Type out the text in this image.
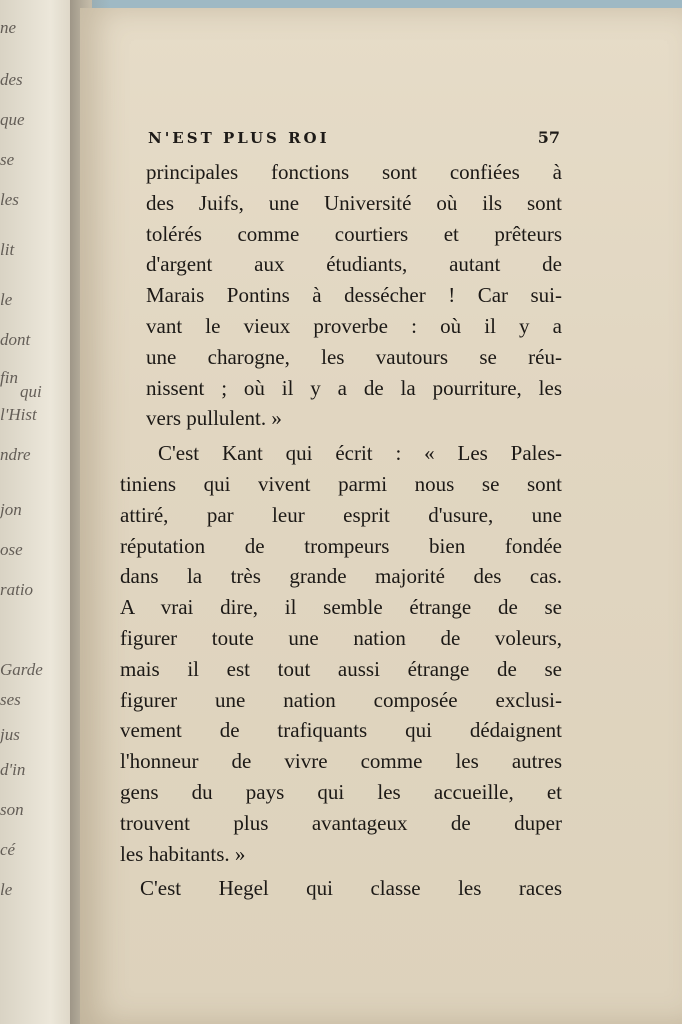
ne
des
que
se
les
lit
le
dont
fin
qui
l'Hist
ndre
jon
ose
ratio
Garde
ses
jus
d'in
son
cé
le
N'EST PLUS ROI	57
principales fonctions sont confiées à
des Juifs, une Université où ils sont
tolérés comme courtiers et prêteurs
d'argent aux étudiants, autant de
Marais Pontins à dessécher ! Car sui-
vant le vieux proverbe : où il y a
une charogne, les vautours se réu-
nissent ; où il y a de la pourriture, les
vers pullulent. »
C'est Kant qui écrit : « Les Pales-
tiniens qui vivent parmi nous se sont
attiré, par leur esprit d'usure, une
réputation de trompeurs bien fondée
dans la très grande majorité des cas.
A vrai dire, il semble étrange de se
figurer toute une nation de voleurs,
mais il est tout aussi étrange de se
figurer une nation composée exclusi-
vement de trafiquants qui dédaignent
l'honneur de vivre comme les autres
gens du pays qui les accueille, et
trouvent plus avantageux de duper
les habitants. »
C'est Hegel qui classe les races
